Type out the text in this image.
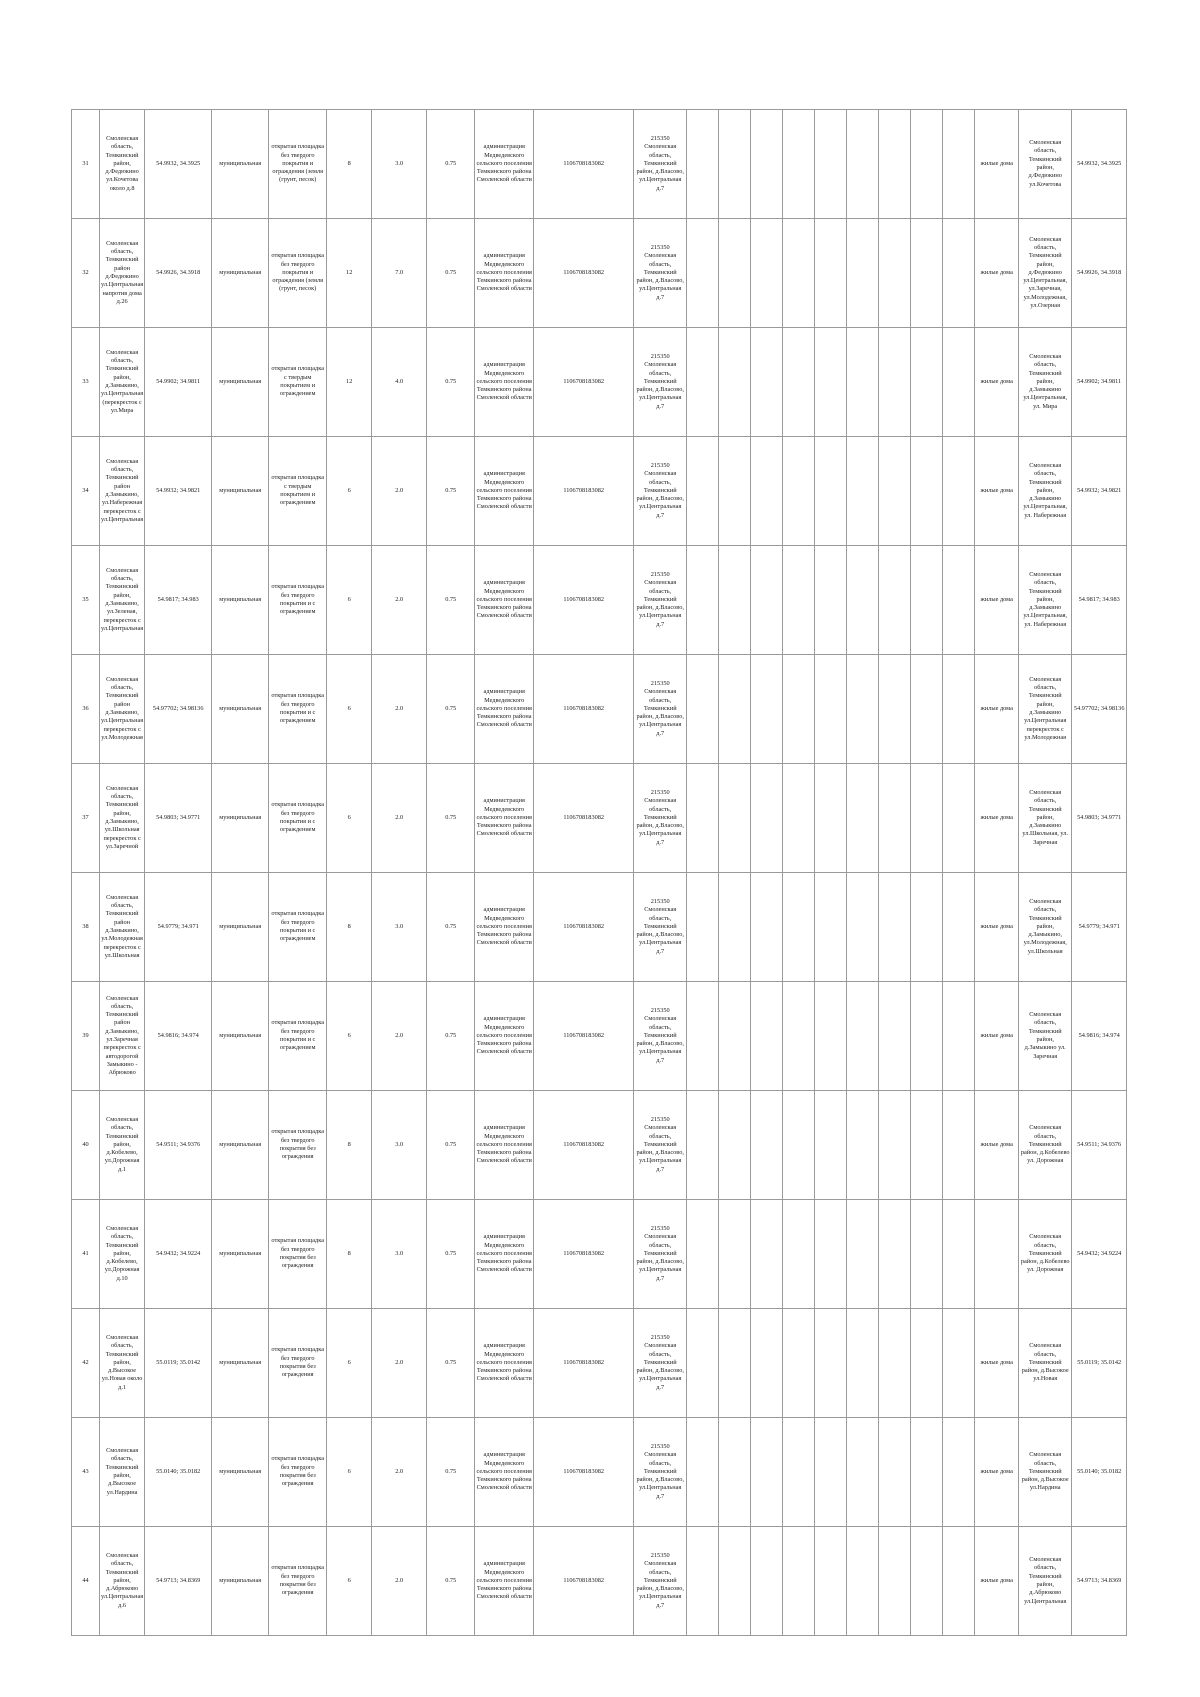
31	Смоленская область, Темкинский район, д.Федюкино ул.Кочетова около д.8	54.9932, 34.3925	муниципальная	открытая площадка без твердого покрытия и ограждения (земля (грунт, песок)	8	3.0	0.75	администрация Медведевского сельского поселения Темкинского района Смоленской области	1106708183082	215350 Смоленская область, Темкинский район, д.Власово, ул.Центральная д.7										жилые дома	Смоленская область, Темкинский район, д.Федюкино ул.Кочетова	54.9932, 34.3925
32	Смоленская область, Темкинский район д.Федюкино ул.Центральная напротив дома д.26	54.9926, 34.3918	муниципальная	открытая площадка без твердого покрытия и ограждения (земля (грунт, песок)	12	7.0	0.75	администрация Медведевского сельского поселения Темкинского района Смоленской области	1106708183082	215350 Смоленская область, Темкинский район, д.Власово, ул.Центральная д.7										жилые дома	Смоленская область, Темкинский район, д.Федюкино ул.Центральная, ул.Заречная, ул.Молодежная, ул.Озерная	54.9926, 34.3918
33	Смоленская область, Темкинский район, д.Замыкино, ул.Центральная (перекресток с ул.Мира	54.9902; 34.9811	муниципальная	открытая площадка с твердым покрытием и ограждением	12	4.0	0.75	администрация Медведевского сельского поселения Темкинского района Смоленской области	1106708183082	215350 Смоленская область, Темкинский район, д.Власово, ул.Центральная д.7										жилые дома	Смоленская область, Темкинский район, д.Замыкино ул.Центральная, ул. Мира	54.9902; 34.9811
34	Смоленская область, Темкинский район д.Замыкино, ул.Набережная перекресток с ул.Центральная	54.9932; 34.9821	муниципальная	открытая площадка с твердым покрытием и ограждением	6	2.0	0.75	администрация Медведевского сельского поселения Темкинского района Смоленской области	1106708183082	215350 Смоленская область, Темкинский район, д.Власово, ул.Центральная д.7										жилые дома	Смоленская область, Темкинский район, д.Замыкино ул.Центральная, ул. Набережная	54.9932; 34.9821
35	Смоленская область, Темкинский район, д.Замыкино, ул.Зеленая, перекресток с ул.Центральная	54.9817; 34.983	муниципальная	открытая площадка без твердого покрытия и с ограждением	6	2.0	0.75	администрация Медведевского сельского поселения Темкинского района Смоленской области	1106708183082	215350 Смоленская область, Темкинский район, д.Власово, ул.Центральная д.7										жилые дома	Смоленская область, Темкинский район, д.Замыкино ул.Центральная, ул. Набережная	54.9817; 34.983
36	Смоленская область, Темкинский район д.Замыкино, ул.Центральная перекресток с ул.Молодежная	54.97702; 34.98136	муниципальная	открытая площадка без твердого покрытия и с ограждением	6	2.0	0.75	администрация Медведевского сельского поселения Темкинского района Смоленской области	1106708183082	215350 Смоленская область, Темкинский район, д.Власово, ул.Центральная д.7										жилые дома	Смоленская область, Темкинский район, д.Замыкино ул.Центральная перекресток с ул.Молодежная	54.97702; 34.98136
37	Смоленская область, Темкинский район, д.Замыкино, ул.Школьная перекресток с ул.Заречной	54.9803; 34.9771	муниципальная	открытая площадка без твердого покрытия и с ограждением	6	2.0	0.75	администрация Медведевского сельского поселения Темкинского района Смоленской области	1106708183082	215350 Смоленская область, Темкинский район, д.Власово, ул.Центральная д.7										жилые дома	Смоленская область, Темкинский район, д.Замыкино ул.Школьная, ул. Заречная	54.9803; 34.9771
38	Смоленская область, Темкинский район д.Замыкино, ул.Молодежная перекресток с ул.Школьная	54.9779; 34.971	муниципальная	открытая площадка без твердого покрытия и с ограждением	8	3.0	0.75	администрация Медведевского сельского поселения Темкинского района Смоленской области	1106708183082	215350 Смоленская область, Темкинский район, д.Власово, ул.Центральная д.7										жилые дома	Смоленская область, Темкинский район, д.Замыкино, ул.Молодежная, ул.Школьная	54.9779; 34.971
39	Смоленская область, Темкинский район д.Замыкино, ул.Заречная перекресток с автодорогой Замыкино - Абрюково	54.9816; 34.974	муниципальная	открытая площадка без твердого покрытия и с ограждением	6	2.0	0.75	администрация Медведевского сельского поселения Темкинского района Смоленской области	1106708183082	215350 Смоленская область, Темкинский район, д.Власово, ул.Центральная д.7										жилые дома	Смоленская область, Темкинский район, д.Замыкино ул. Заречная	54.9816; 34.974
40	Смоленская область, Темкинский район, д.Кобелево, ул.Дорожная д.1	54.9511; 34.9376	муниципальная	открытая площадка без твердого покрытия без ограждения	8	3.0	0.75	администрация Медведевского сельского поселения Темкинского района Смоленской области	1106708183082	215350 Смоленская область, Темкинский район, д.Власово, ул.Центральная д.7										жилые дома	Смоленская область, Темкинский район, д.Кобелево ул. Дорожная	54.9511; 34.9376
41	Смоленская область, Темкинский район, д.Кобелево, ул.Дорожная д.10	54.9432; 34.9224	муниципальная	открытая площадка без твердого покрытия без ограждения	8	3.0	0.75	администрация Медведевского сельского поселения Темкинского района Смоленской области	1106708183082	215350 Смоленская область, Темкинский район, д.Власово, ул.Центральная д.7											Смоленская область, Темкинский район, д.Кобелево ул. Дорожная	54.9432; 34.9224
42	Смоленская область, Темкинский район, д.Высокое ул.Новая около д.1	55.0119; 35.0142	муниципальная	открытая площадка без твердого покрытия без ограждения	6	2.0	0.75	администрация Медведевского сельского поселения Темкинского района Смоленской области	1106708183082	215350 Смоленская область, Темкинский район, д.Власово, ул.Центральная д.7										жилые дома	Смоленская область, Темкинский район, д.Высокое ул.Новая	55.0119; 35.0142
43	Смоленская область, Темкинский район, д.Высокое ул.Нардина	55.0140; 35.0182	муниципальная	открытая площадка без твердого покрытия без ограждения	6	2.0	0.75	администрация Медведевского сельского поселения Темкинского района Смоленской области	1106708183082	215350 Смоленская область, Темкинский район, д.Власово, ул.Центральная д.7										жилые дома	Смоленская область, Темкинский район, д.Высокое ул.Нардина	55.0140; 35.0182
44	Смоленская область, Темкинский район, д.Абрюково ул.Центральная д.6	54.9713; 34.8369	муниципальная	открытая площадка без твердого покрытия без ограждения	6	2.0	0.75	администрация Медведевского сельского поселения Темкинского района Смоленской области	1106708183082	215350 Смоленская область, Темкинский район, д.Власово, ул.Центральная д.7										жилые дома	Смоленская область, Темкинский район, д.Абрюково ул.Центральная	54.9713; 34.8369
